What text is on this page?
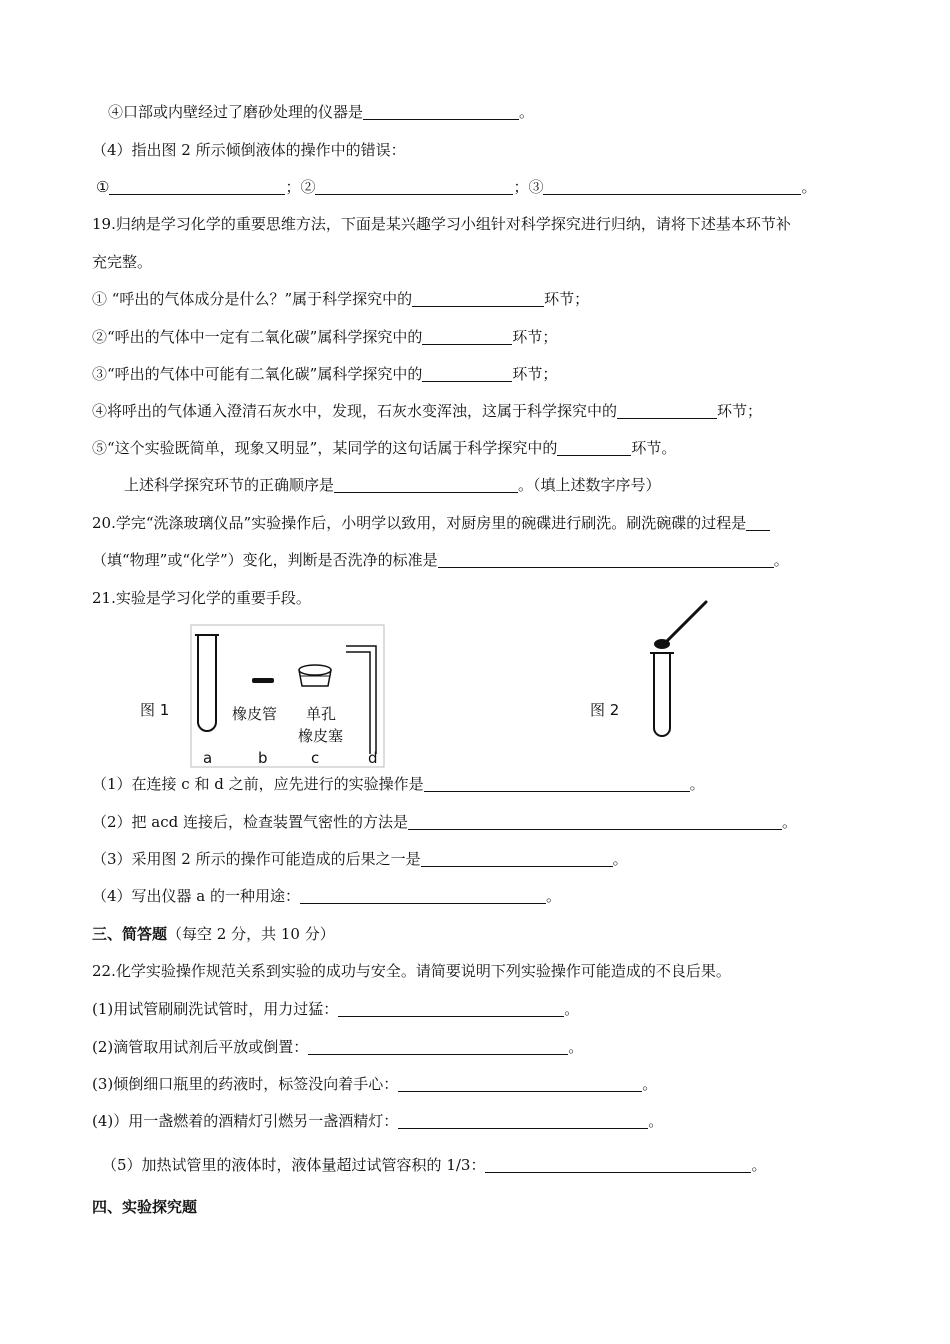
④口部或内壁经过了磨砂处理的仪器是	。
（4）指出图 2 所示倾倒液体的操作中的错误：
①	；②	；③	。
19.归纳是学习化学的重要思维方法，下面是某兴趣学习小组针对科学探究进行归纳，请将下述基本环节补
充完整。
① “呼出的气体成分是什么？”属于科学探究中的	环节；
②“呼出的气体中一定有二氧化碳”属科学探究中的	环节；
③“呼出的气体中可能有二氧化碳”属科学探究中的	环节；
④将呼出的气体通入澄清石灰水中，发现，石灰水变浑浊，这属于科学探究中的	环节；
⑤“这个实验既简单，现象又明显”，某同学的这句话属于科学探究中的	环节。
上述科学探究环节的正确顺序是	。（填上述数字序号）
20.学完“洗涤玻璃仪品”实验操作后，小明学以致用，对厨房里的碗碟进行刷洗。刷洗碗碟的过程是
（填“物理”或“化学”）变化，判断是否洗净的标准是	。
21.实验是学习化学的重要手段。
图 1	橡皮管 单孔
橡皮塞
a	b	c	d
图 2
（1）在连接 c 和 d 之前，应先进行的实验操作是	。
（2）把 acd 连接后，检查装置气密性的方法是	。
（3）采用图 2 所示的操作可能造成的后果之一是	。
（4）写出仪器 a 的一种用途：	。
三、简答题（每空 2 分，共 10 分）
22.化学实验操作规范关系到实验的成功与安全。请简要说明下列实验操作可能造成的不良后果。
(1)用试管刷刷洗试管时，用力过猛：	。
(2)滴管取用试剂后平放或倒置：	。
(3)倾倒细口瓶里的药液时，标签没向着手心：	。
(4)）用一盏燃着的酒精灯引燃另一盏酒精灯：	。
（5）加热试管里的液体时，液体量超过试管容积的 1/3：	。
四、实验探究题
